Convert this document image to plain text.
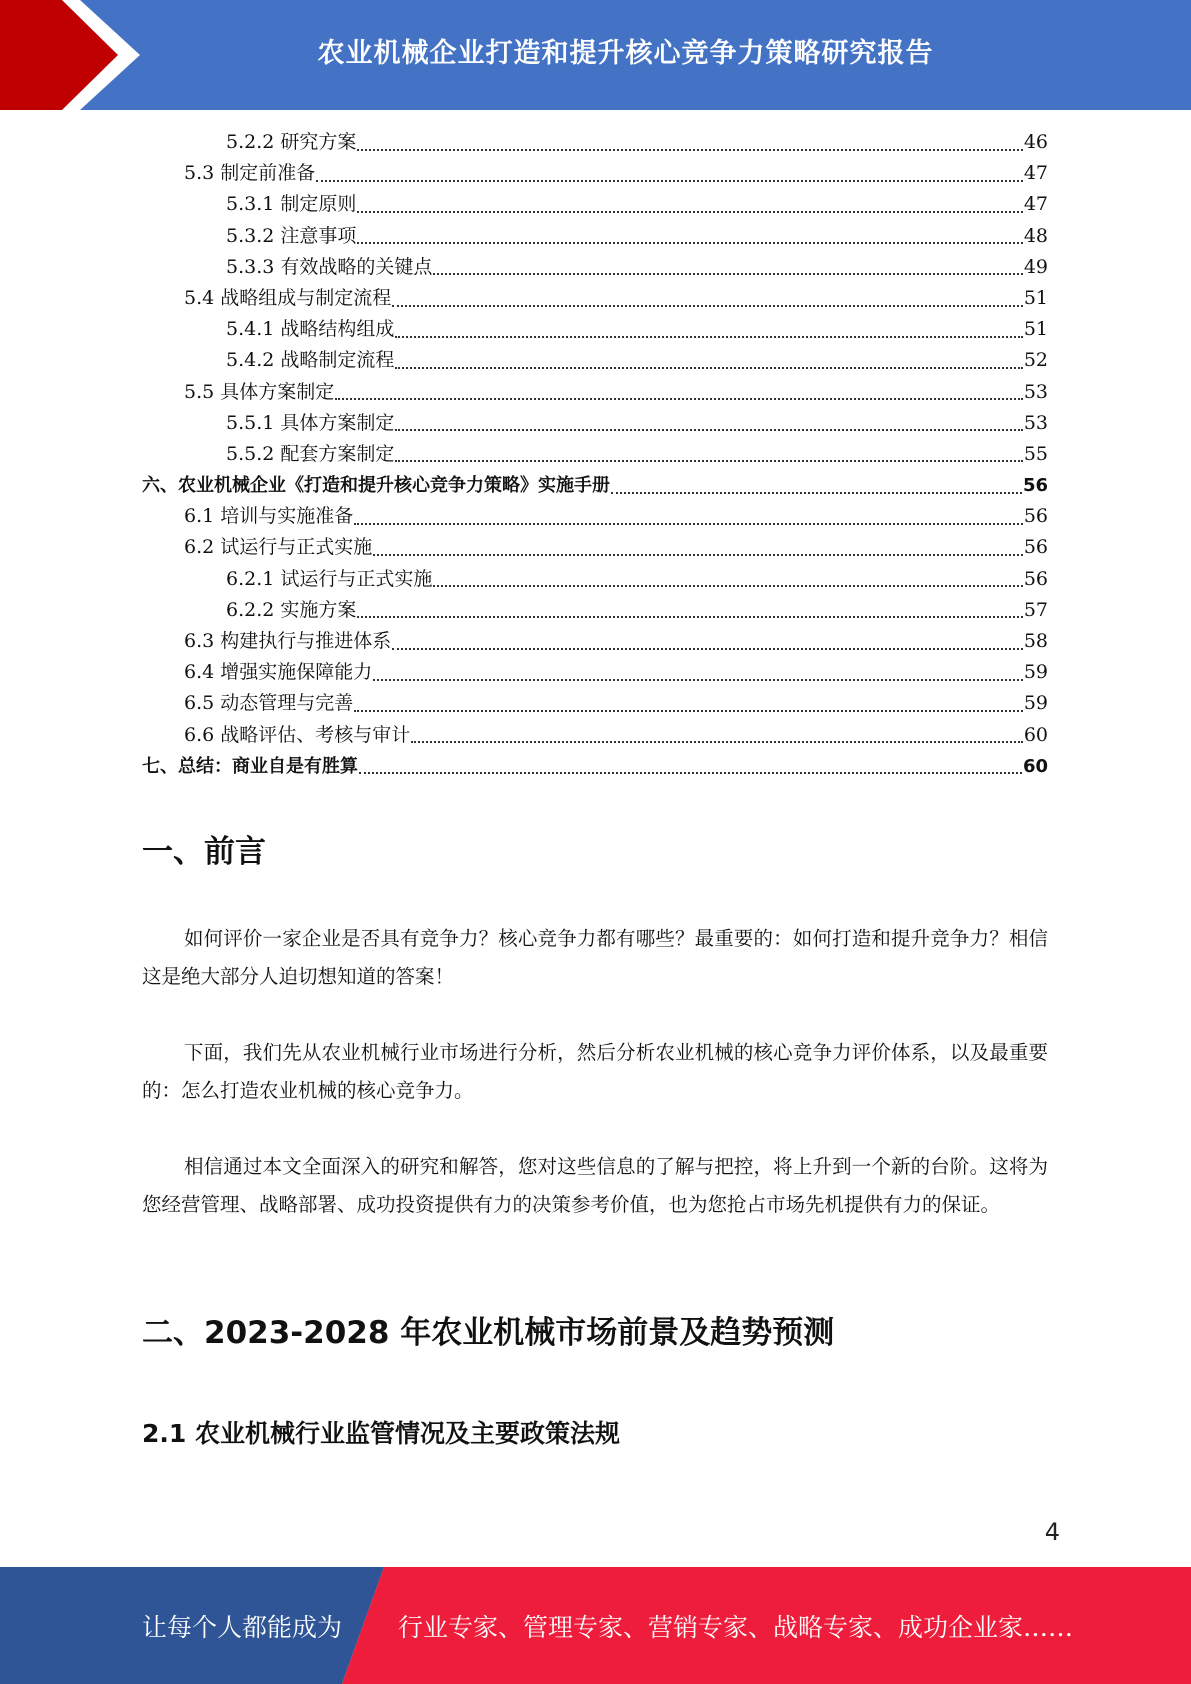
农业机械企业打造和提升核心竞争力策略研究报告
5.2.2 研究方案	46
5.3 制定前准备	47
5.3.1 制定原则	47
5.3.2 注意事项	48
5.3.3 有效战略的关键点	49
5.4 战略组成与制定流程	51
5.4.1 战略结构组成	51
5.4.2 战略制定流程	52
5.5 具体方案制定	53
5.5.1 具体方案制定	53
5.5.2 配套方案制定	55
六、农业机械企业《打造和提升核心竞争力策略》实施手册	56
6.1 培训与实施准备	56
6.2 试运行与正式实施	56
6.2.1 试运行与正式实施	56
6.2.2 实施方案	57
6.3 构建执行与推进体系	58
6.4 增强实施保障能力	59
6.5 动态管理与完善	59
6.6 战略评估、考核与审计	60
七、总结：商业自是有胜算	60
一、前言
如何评价一家企业是否具有竞争力？核心竞争力都有哪些？最重要的：如何打造和提升竞争力？相信这是绝大部分人迫切想知道的答案！
下面，我们先从农业机械行业市场进行分析，然后分析农业机械的核心竞争力评价体系，以及最重要的：怎么打造农业机械的核心竞争力。
相信通过本文全面深入的研究和解答，您对这些信息的了解与把控，将上升到一个新的台阶。这将为您经营管理、战略部署、成功投资提供有力的决策参考价值，也为您抢占市场先机提供有力的保证。
二、2023-2028 年农业机械市场前景及趋势预测
2.1 农业机械行业监管情况及主要政策法规
4
让每个人都能成为 行业专家、管理专家、营销专家、战略专家、成功企业家……
